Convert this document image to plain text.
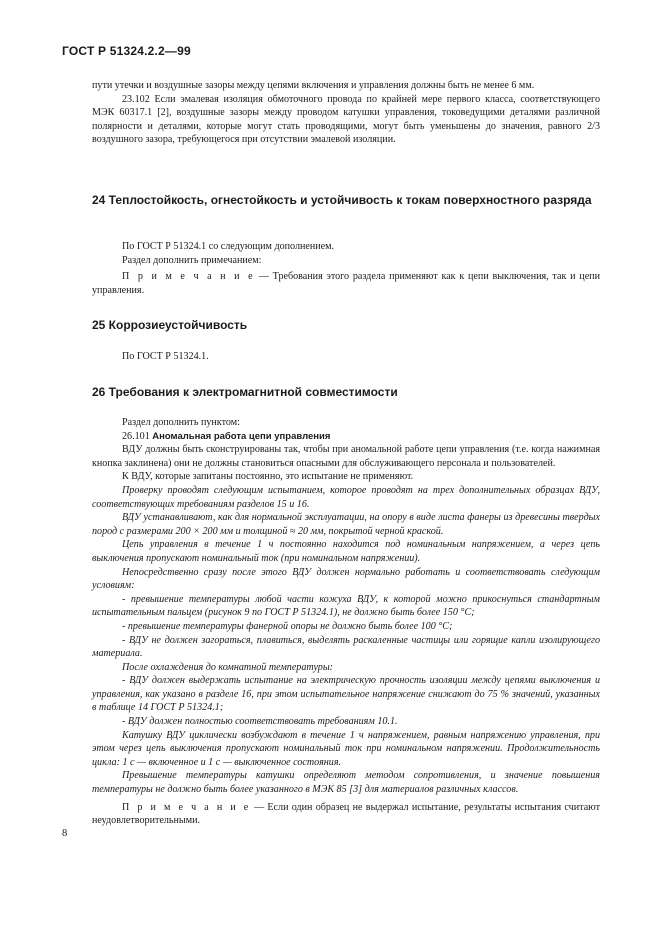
ГОСТ Р 51324.2.2—99

пути утечки и воздушные зазоры между цепями включения и управления должны быть не менее 6 мм.

23.102 Если эмалевая изоляция обмоточного провода по крайней мере первого класса, соответствующего МЭК 60317.1 [2], воздушные зазоры между проводом катушки управления, токоведущими деталями различной полярности и деталями, которые могут стать проводящими, могут быть уменьшены до значения, равного 2/3 воздушного зазора, требующегося при отсутствии эмалевой изоляции.

24 Теплостойкость, огнестойкость и устойчивость к токам поверхностного разряда

По ГОСТ Р 51324.1 со следующим дополнением.

Раздел дополнить примечанием:

П р и м е ч а н и е — Требования этого раздела применяют как к цепи выключения, так и цепи управления.

25 Коррозиеустойчивость

По ГОСТ Р 51324.1.

26 Требования к электромагнитной совместимости

Раздел дополнить пунктом:

26.101 Аномальная работа цепи управления

ВДУ должны быть сконструированы так, чтобы при аномальной работе цепи управления (т.е. когда нажимная кнопка заклинена) они не должны становиться опасными для обслуживающего персонала и пользователей.

К ВДУ, которые запитаны постоянно, это испытание не применяют.

Проверку проводят следующим испытанием, которое проводят на трех дополнительных образцах ВДУ, соответствующих требованиям разделов 15 и 16.

ВДУ устанавливают, как для нормальной эксплуатации, на опору в виде листа фанеры из древесины твердых пород с размерами 200 × 200 мм и толщиной ≈ 20 мм, покрытой черной краской.

Цепь управления в течение 1 ч постоянно находится под номинальным напряжением, а через цепь выключения пропускают номинальный ток (при номинальном напряжении).

Непосредственно сразу после этого ВДУ должен нормально работать и соответствовать следующим условиям:

- превышение температуры любой части кожуха ВДУ, к которой можно прикоснуться стандартным испытательным пальцем (рисунок 9 по ГОСТ Р 51324.1), не должно быть более 150 °С;

- превышение температуры фанерной опоры не должно быть более 100 °С;

- ВДУ не должен загораться, плавиться, выделять раскаленные частицы или горящие капли изолирующего материала.

После охлаждения до комнатной температуры:

- ВДУ должен выдержать испытание на электрическую прочность изоляции между цепями выключения и управления, как указано в разделе 16, при этом испытательное напряжение снижают до 75 % значений, указанных в таблице 14 ГОСТ Р 51324.1;

- ВДУ должен полностью соответствовать требованиям 10.1.

Катушку ВДУ циклически возбуждают в течение 1 ч напряжением, равным напряжению управления, при этом через цепь выключения пропускают номинальный ток при номинальном напряжении. Продолжительность цикла: 1 с — включенное и 1 с — выключенное состояния.

Превышение температуры катушки определяют методом сопротивления, и значение повышения температуры не должно быть более указанного в МЭК 85 [3] для материалов различных классов.

П р и м е ч а н и е — Если один образец не выдержал испытание, результаты испытания считают неудовлетворительными.

8
